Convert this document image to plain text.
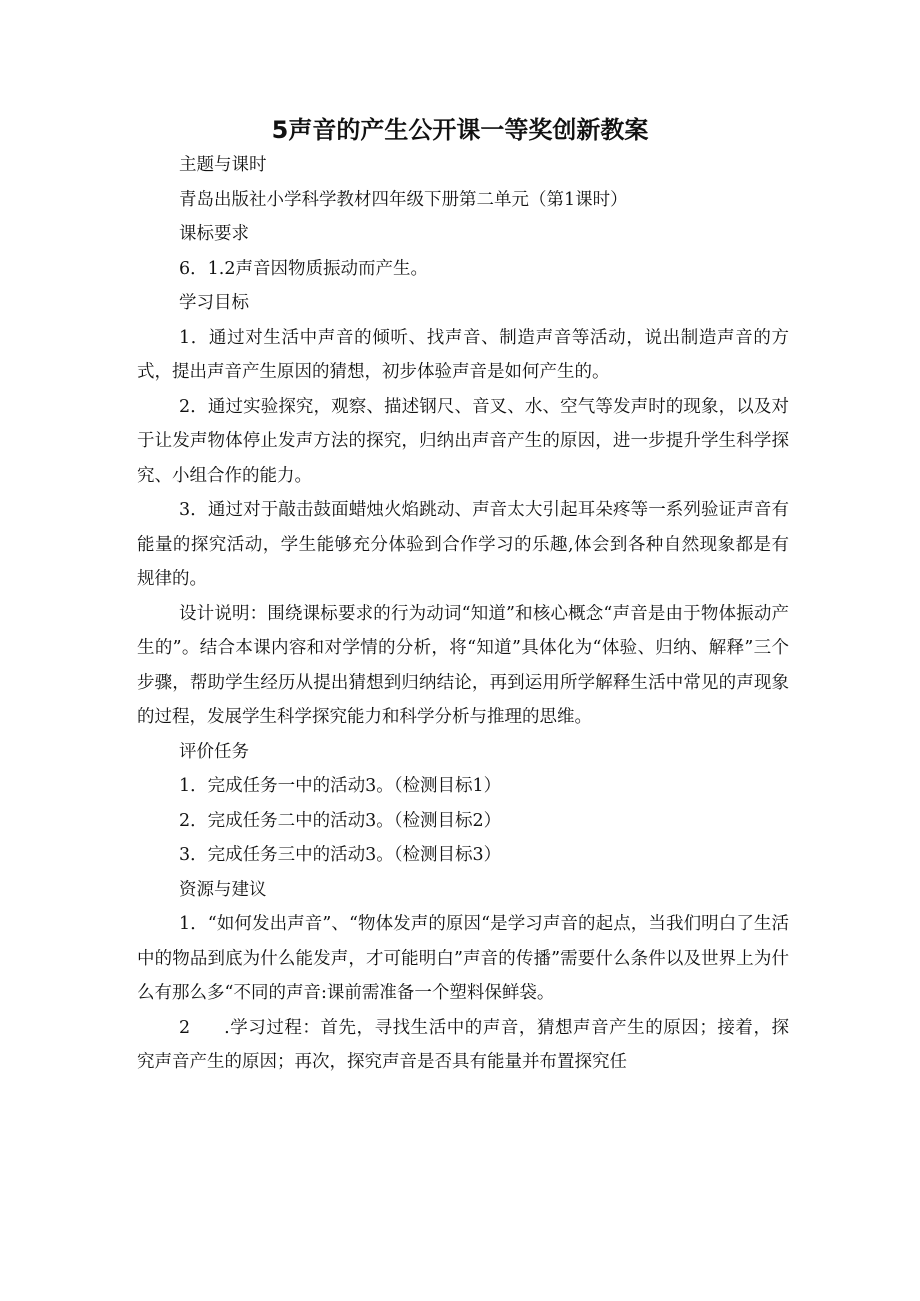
5声音的产生公开课一等奖创新教案

主题与课时

青岛出版社小学科学教材四年级下册第二单元（第1课时）

课标要求

6．1.2声音因物质振动而产生。

学习目标

1．通过对生活中声音的倾听、找声音、制造声音等活动，说出制造声音的方式，提出声音产生原因的猜想，初步体验声音是如何产生的。

2．通过实验探究，观察、描述钢尺、音叉、水、空气等发声时的现象，以及对于让发声物体停止发声方法的探究，归纳出声音产生的原因，进一步提升学生科学探究、小组合作的能力。

3．通过对于敲击鼓面蜡烛火焰跳动、声音太大引起耳朵疼等一系列验证声音有能量的探究活动，学生能够充分体验到合作学习的乐趣,体会到各种自然现象都是有规律的。

设计说明：围绕课标要求的行为动词“知道”和核心概念“声音是由于物体振动产生的”。结合本课内容和对学情的分析，将“知道”具体化为“体验、归纳、解释”三个步骤，帮助学生经历从提出猜想到归纳结论，再到运用所学解释生活中常见的声现象的过程，发展学生科学探究能力和科学分析与推理的思维。

评价任务

1．完成任务一中的活动3。（检测目标1）

2．完成任务二中的活动3。（检测目标2）

3．完成任务三中的活动3。（检测目标3）

资源与建议

1．“如何发出声音”、“物体发声的原因“是学习声音的起点，当我们明白了生活中的物品到底为什么能发声，才可能明白”声音的传播”需要什么条件以及世界上为什么有那么多“不同的声音:课前需准备一个塑料保鲜袋。

2 .学习过程：首先，寻找生活中的声音，猜想声音产生的原因；接着，探究声音产生的原因；再次，探究声音是否具有能量并布置探究任
